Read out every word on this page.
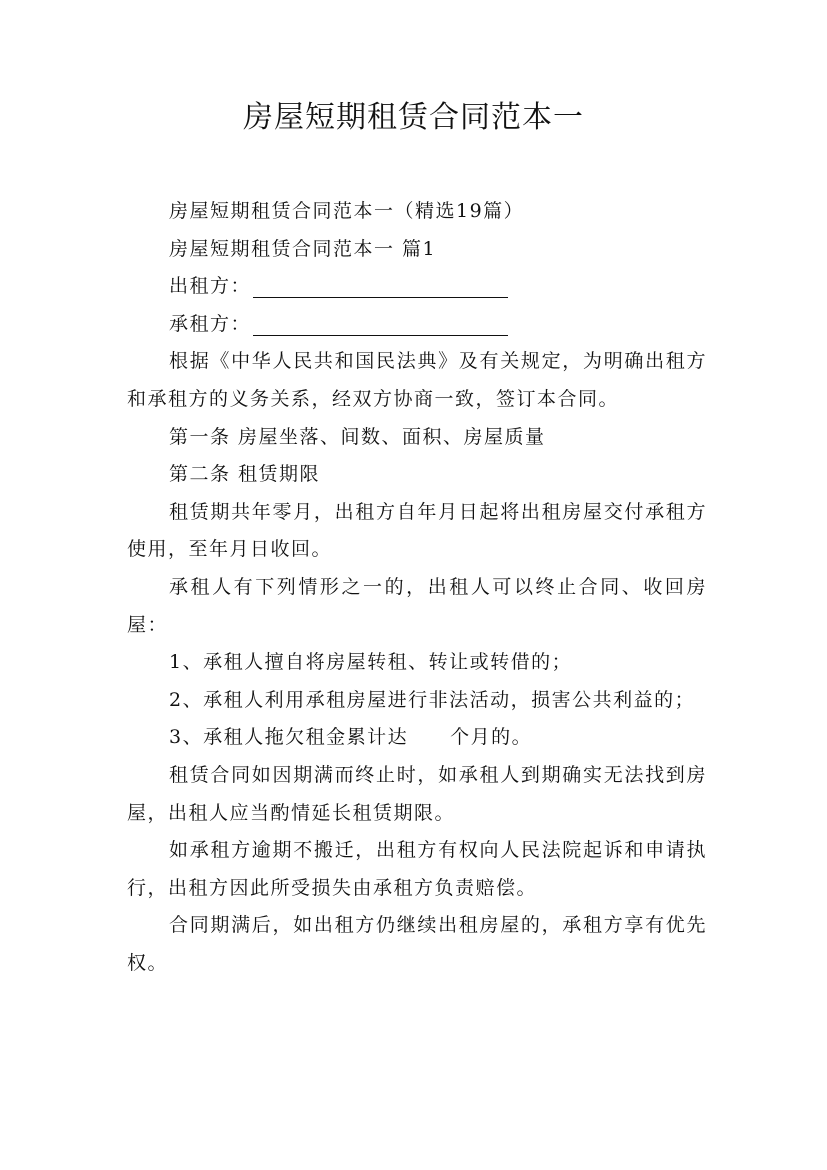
房屋短期租赁合同范本一

房屋短期租赁合同范本一（精选19篇）

房屋短期租赁合同范本一 篇1

出租方：

承租方：

根据《中华人民共和国民法典》及有关规定，为明确出租方和承租方的义务关系，经双方协商一致，签订本合同。

第一条 房屋坐落、间数、面积、房屋质量

第二条 租赁期限

租赁期共年零月，出租方自年月日起将出租房屋交付承租方使用，至年月日收回。

承租人有下列情形之一的，出租人可以终止合同、收回房屋：

1、承租人擅自将房屋转租、转让或转借的；

2、承租人利用承租房屋进行非法活动，损害公共利益的；

3、承租人拖欠租金累计达 个月的。

租赁合同如因期满而终止时，如承租人到期确实无法找到房屋，出租人应当酌情延长租赁期限。

如承租方逾期不搬迁，出租方有权向人民法院起诉和申请执行，出租方因此所受损失由承租方负责赔偿。

合同期满后，如出租方仍继续出租房屋的，承租方享有优先权。
